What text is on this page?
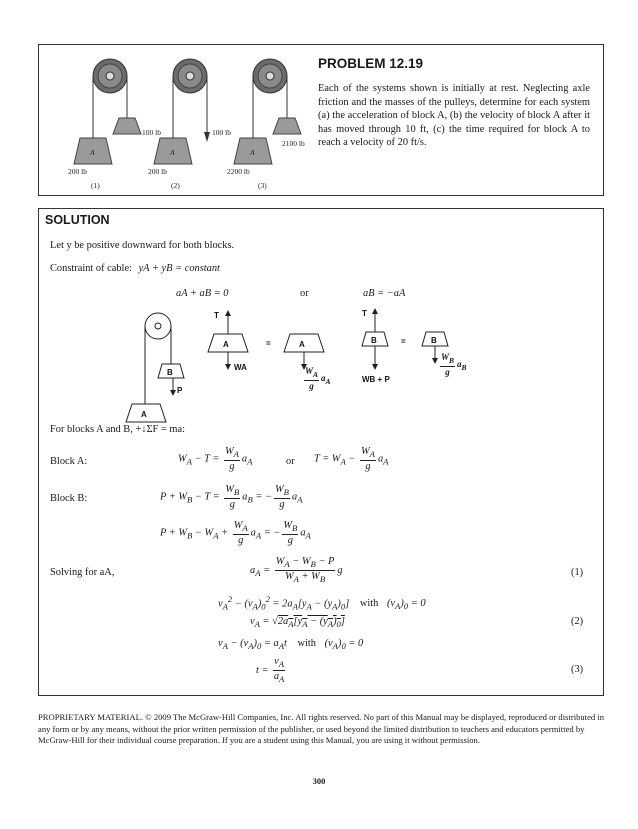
A
100 lb
200 lb
(1)
A
100 lb
200 lb
(2)
A
2100 lb
2200 lb
(3)
PROBLEM 12.19
Each of the systems shown is initially at rest. Neglecting axle friction and the masses of the pulleys, determine for each system (a) the acceleration of block A, (b) the velocity of block A after it has moved through 10 ft, (c) the time required for block A to reach a velocity of 20 ft/s.
SOLUTION
Let y be positive downward for both blocks.
Constraint of cable: yA + yB = constant
aA + aB = 0	or	aB = −aA
B
P
A
T
A
WA
=	A
T
B
WB + P
=	B
$\frac{W_A}{g} a_A$
$\frac{W_B}{g} a_B$
For blocks A and B, +↓ΣF = ma:
Block A:	$W_A - T = \frac{W_A}{g} a_A$	or $T = W_A - \frac{W_A}{g} a_A$
Block B:	$P + W_B - T = \frac{W_B}{g} a_B$ = − $\frac{W_B}{g} a_A$
$P + W_B - W_A + \frac{W_A}{g} a_A$ = − $\frac{W_B}{g} a_A$
Solving for aA,	$a_A = \frac{W_A - W_B - P}{W_A + W_B}$ g	(1)
$v_A^2 - (v_A)_0^2 = 2a_A[y_A - (y_A)_0]$ with $(v_A)_0 = 0$
$v_A = √2a_A[y_A - (y_A)_0]$	(2)
$v_A - (v_A)_0 = a_At$ with $(v_A)_0 = 0$
$t = \frac{v_A}{a_A}$	(3)
PROPRIETARY MATERIAL. © 2009 The McGraw-Hill Companies, Inc. All rights reserved. No part of this Manual may be displayed, reproduced or distributed in any form or by any means, without the prior written permission of the publisher, or used beyond the limited distribution to teachers and educators permitted by McGraw-Hill for their individual course preparation. If you are a student using this Manual, you are using it without permission.
300
